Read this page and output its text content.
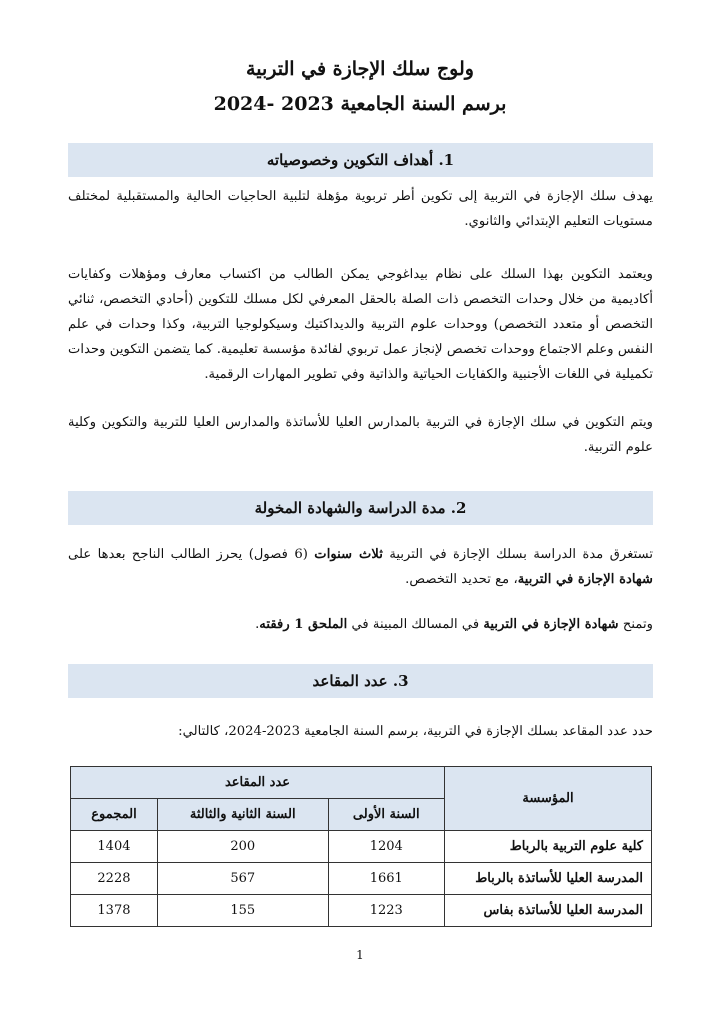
ولوج سلك الإجازة في التربية
برسم السنة الجامعية 2023 -2024
1. أهداف التكوين وخصوصياته

يهدف سلك الإجازة في التربية إلى تكوين أطر تربوية مؤهلة لتلبية الحاجيات الحالية والمستقبلية لمختلف مستويات التعليم الإبتدائي والثانوي.

ويعتمد التكوين بهذا السلك على نظام بيداغوجي يمكن الطالب من اكتساب معارف ومؤهلات وكفايات أكاديمية من خلال وحدات التخصص ذات الصلة بالحقل المعرفي لكل مسلك للتكوين (أحادي التخصص، ثنائي التخصص أو متعدد التخصص) ووحدات علوم التربية والديداكتيك وسيكولوجيا التربية، وكذا وحدات في علم النفس وعلم الاجتماع ووحدات تخصص لإنجاز عمل تربوي لفائدة مؤسسة تعليمية. كما يتضمن التكوين وحدات تكميلية في اللغات الأجنبية والكفايات الحياتية والذاتية وفي تطوير المهارات الرقمية.

ويتم التكوين في سلك الإجازة في التربية بالمدارس العليا للأساتذة والمدارس العليا للتربية والتكوين وكلية علوم التربية.

2. مدة الدراسة والشهادة المخولة

تستغرق مدة الدراسة بسلك الإجازة في التربية ثلاث سنوات (6 فصول) يحرز الطالب الناجح بعدها على شهادة الإجازة في التربية، مع تحديد التخصص.

وتمنح شهادة الإجازة في التربية في المسالك المبينة في الملحق 1 رفقته.

3. عدد المقاعد

حدد عدد المقاعد بسلك الإجازة في التربية، برسم السنة الجامعية 2023-2024، كالتالي:

المؤسسة	عدد المقاعد		
	السنة الأولى	السنة الثانية والثالثة	المجموع
كلية علوم التربية بالرباط	1204	200	1404
المدرسة العليا للأساتذة بالرباط	1661	567	2228
المدرسة العليا للأساتذة بفاس	1223	155	1378
1
